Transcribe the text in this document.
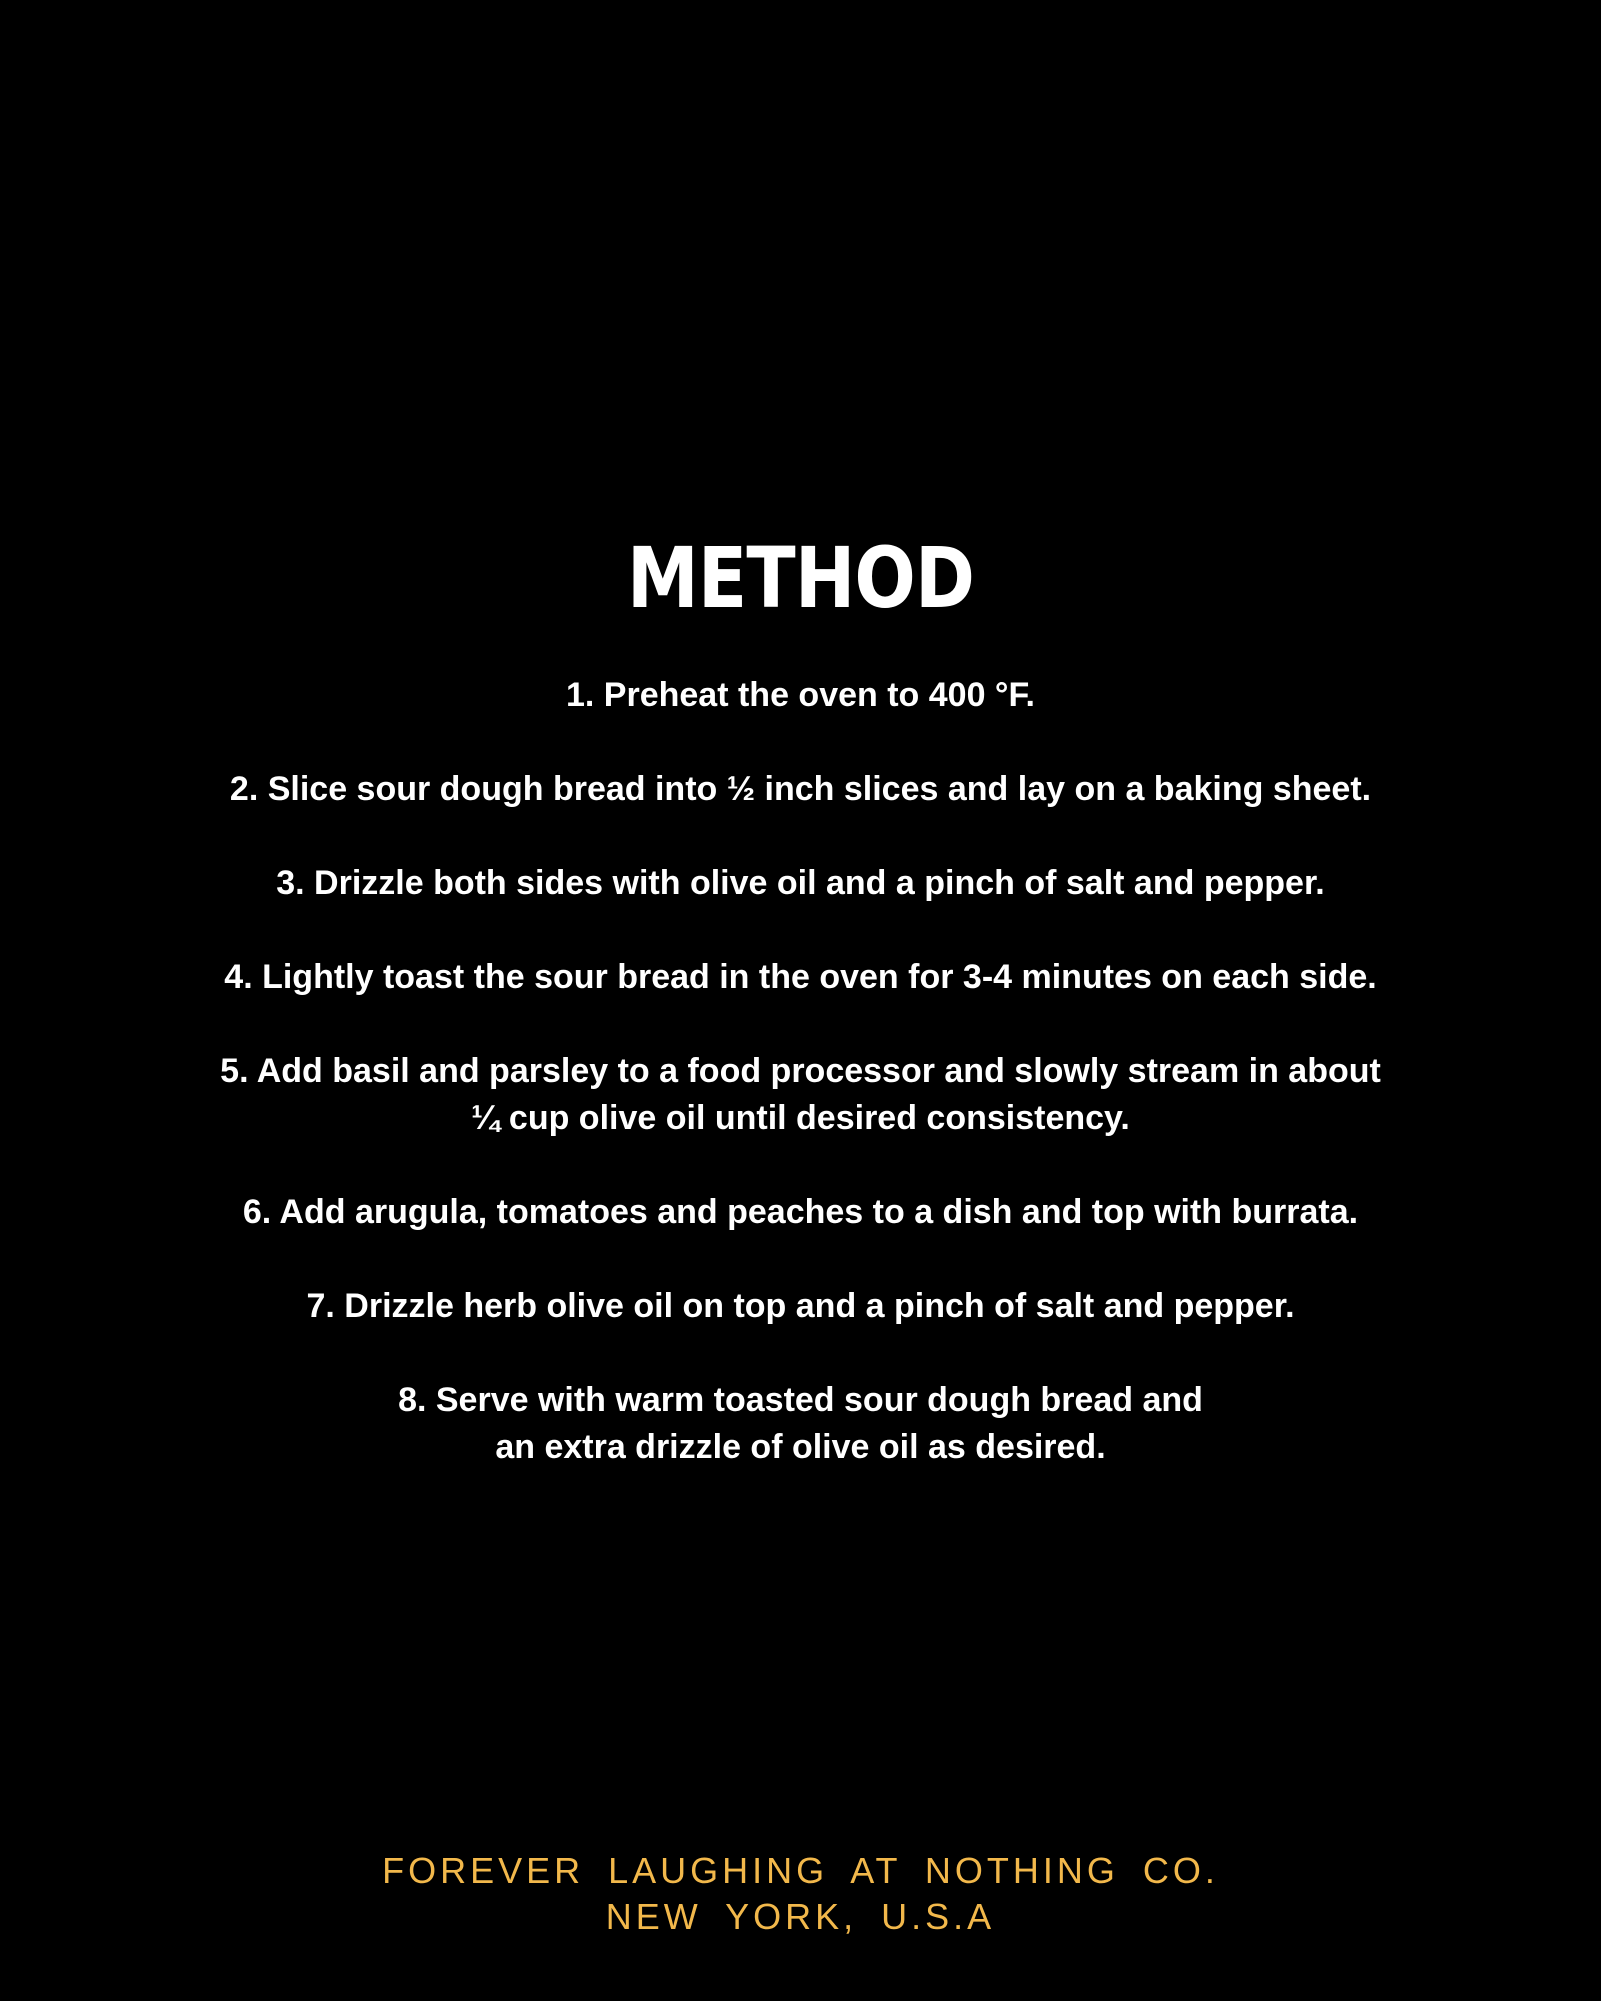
METHOD
1. Preheat the oven to 400 °F.
2. Slice sour dough bread into ½ inch slices and lay on a baking sheet.
3. Drizzle both sides with olive oil and a pinch of salt and pepper.
4. Lightly toast the sour bread in the oven for 3-4 minutes on each side.
5. Add basil and parsley to a food processor and slowly stream in about
¼ cup olive oil until desired consistency.
6. Add arugula, tomatoes and peaches to a dish and top with burrata.
7. Drizzle herb olive oil on top and a pinch of salt and pepper.
8. Serve with warm toasted sour dough bread and
an extra drizzle of olive oil as desired.
FOREVER LAUGHING AT NOTHING CO.
NEW YORK, U.S.A
